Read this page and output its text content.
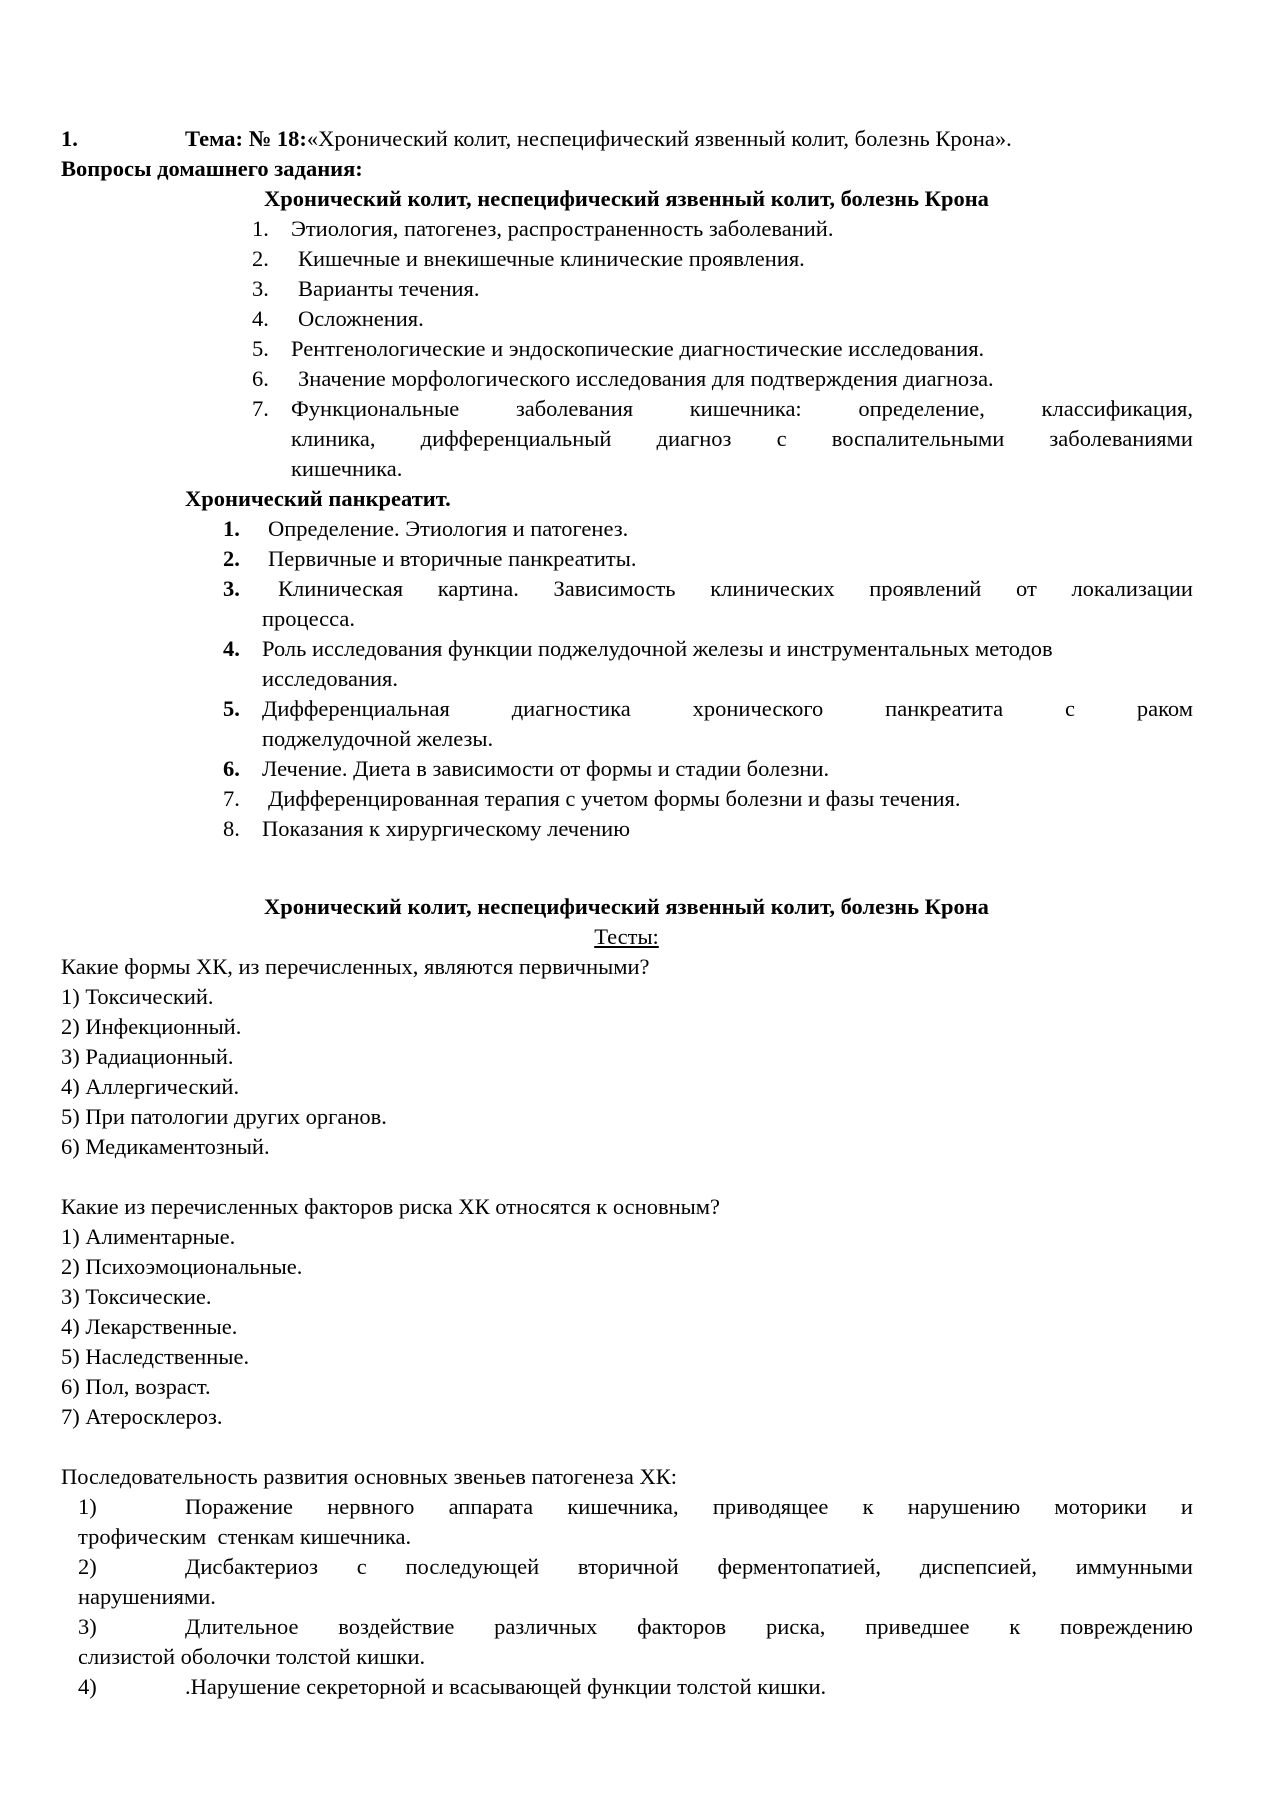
1.	Тема: № 18:«Хронический колит, неспецифический язвенный колит, болезнь Крона».
Вопросы домашнего задания:
Хронический колит, неспецифический язвенный колит, болезнь Крона
1. Этиология, патогенез, распространенность заболеваний.
2. Кишечные и внекишечные клинические проявления.
3. Варианты течения.
4. Осложнения.
5. Рентгенологические и эндоскопические диагностические исследования.
6. Значение морфологического исследования для подтверждения диагноза.
7. Функциональные	заболевания	кишечника:	определение,	классификация,
клиника, дифференциальный диагноз с воспалительными заболеваниями
кишечника.
Хронический панкреатит.
1. Определение. Этиология и патогенез.
2. Первичные и вторичные панкреатиты.
3. Клиническая картина. Зависимость клинических проявлений от локализации
процесса.
4. Роль исследования функции поджелудочной железы и инструментальных методов
исследования.
5. Дифференциальная	диагностика	хронического	панкреатита	с	раком
поджелудочной железы.
6. Лечение. Диета в зависимости от формы и стадии болезни.
7. Дифференцированная терапия с учетом формы болезни и фазы течения.
8. Показания к хирургическому лечению
Хронический колит, неспецифический язвенный колит, болезнь Крона
Тесты:
Какие формы ХК, из перечисленных, являются первичными?
1) Токсический.
2) Инфекционный.
3) Радиационный.
4) Аллергический.
5) При патологии других органов.
6) Медикаментозный.
Какие из перечисленных факторов риска ХК относятся к основным?
1) Алиментарные.
2) Психоэмоциональные.
3) Токсические.
4) Лекарственные.
5) Наследственные.
6) Пол, возраст.
7) Атеросклероз.
Последовательность развития основных звеньев патогенеза ХК:
1)	Поражение нервного аппарата кишечника, приводящее к нарушению моторики и
трофическим  стенкам кишечника.
2)	Дисбактериоз с последующей вторичной ферментопатией, диспепсией, иммунными
нарушениями.
3)	Длительное воздействие различных факторов риска, приведшее к повреждению
слизистой оболочки толстой кишки.
4)	.Нарушение секреторной и всасывающей функции толстой кишки.
